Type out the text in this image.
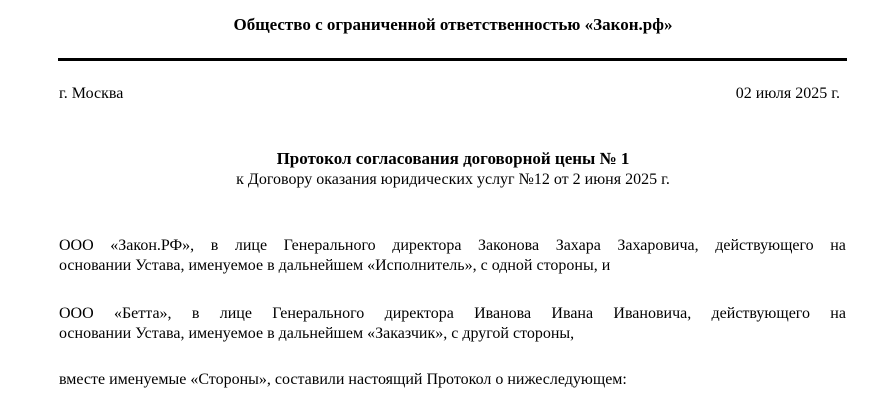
Общество с ограниченной ответственностью «Закон.рф»
г. Москва	02 июля 2025 г.
Протокол согласования договорной цены № 1
к Договору оказания юридических услуг №12 от 2 июня 2025 г.
ООО «Закон.РФ», в лице Генерального директора Законова Захара Захаровича, действующего на
основании Устава, именуемое в дальнейшем «Исполнитель», с одной стороны, и
ООО «Бетта», в лице Генерального директора Иванова Ивана Ивановича, действующего на
основании Устава, именуемое в дальнейшем «Заказчик», с другой стороны,
вместе именуемые «Стороны», составили настоящий Протокол о нижеследующем:
